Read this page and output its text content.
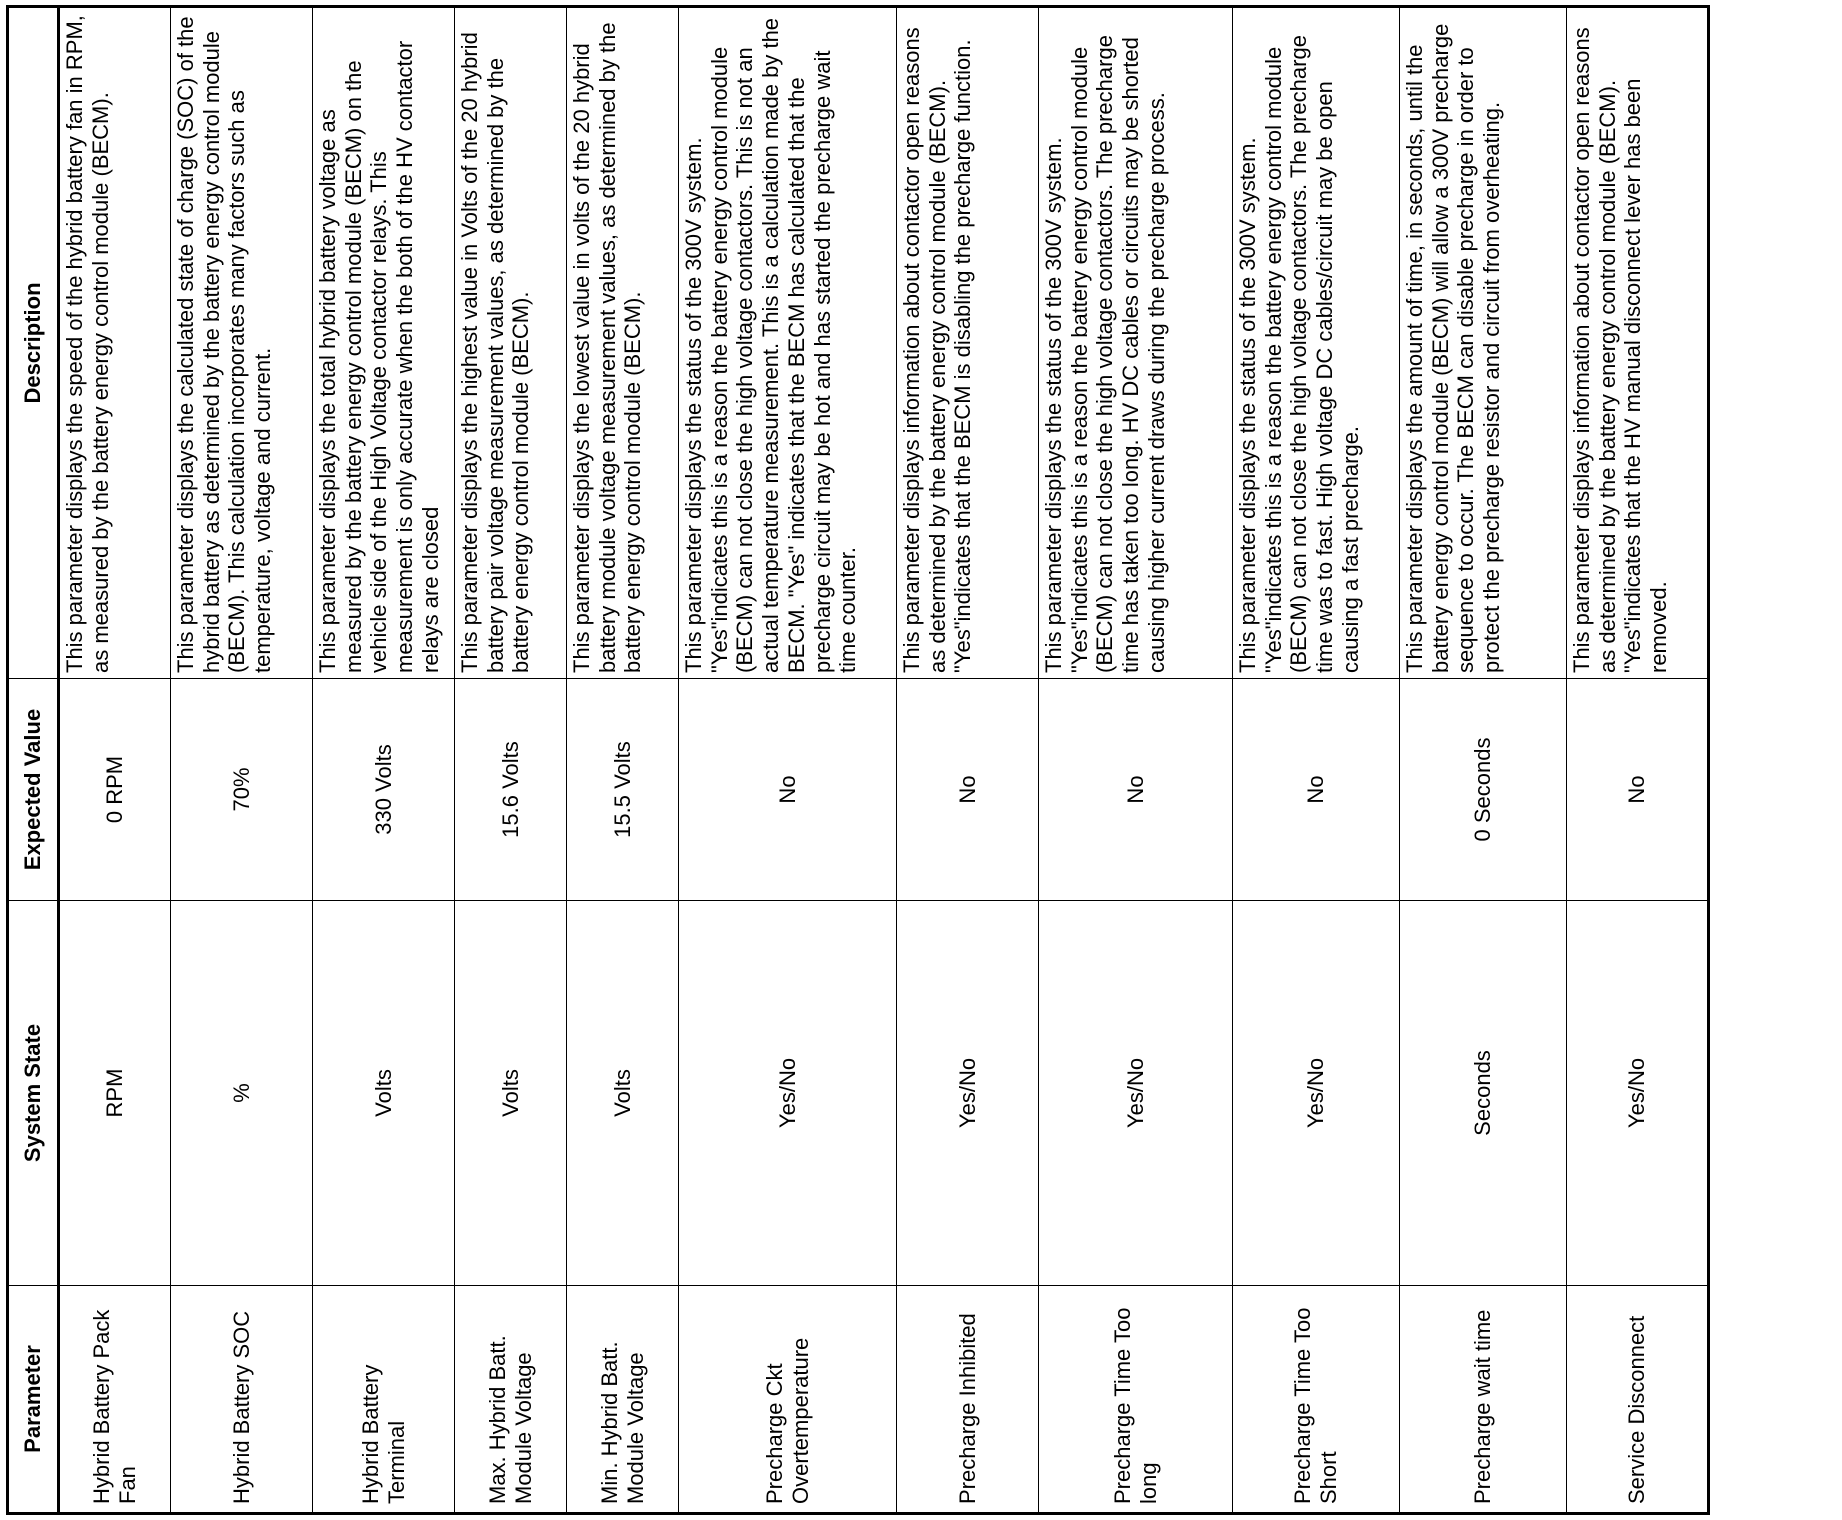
Parameter	System State	Expected Value	Description

Hybrid Battery Pack Fan	RPM	0 RPM	This parameter displays the speed of the hybrid battery fan in RPM, as measured by the battery energy control module (BECM).

Hybrid Battery SOC	%	70%	This parameter displays the calculated state of charge (SOC) of the hybrid battery as determined by the battery energy control module (BECM). This calculation incorporates many factors such as temperature, voltage and current.

Hybrid Battery Terminal	Volts	330 Volts	This parameter displays the total hybrid battery voltage as measured by the battery energy control module (BECM) on the vehicle side of the High Voltage contactor relays. This measurement is only accurate when the both of the HV contactor relays are closed

Max. Hybrid Batt. Module Voltage	Volts	15.6 Volts	This parameter displays the highest value in Volts of the 20 hybrid battery pair voltage measurement values, as determined by the battery energy control module (BECM).

Min. Hybrid Batt. Module Voltage	Volts	15.5 Volts	This parameter displays the lowest value in volts of the 20 hybrid battery module voltage measurement values, as determined by the battery energy control module (BECM).

Precharge Ckt Overtemperature	Yes/No	No	This parameter displays the status of the 300V system. "Yes"indicates this is a reason the battery energy control module (BECM) can not close the high voltage contactors. This is not an actual temperature measurement. This is a calculation made by the BECM. "Yes" indicates that the BECM has calculated that the precharge circuit may be hot and has started the precharge wait time counter.

Precharge Inhibited	Yes/No	No	This parameter displays information about contactor open reasons as determined by the battery energy control module (BECM). "Yes"indicates that the BECM is disabling the precharge function.

Precharge Time Too long	Yes/No	No	This parameter displays the status of the 300V system. "Yes"indicates this is a reason the battery energy control module (BECM) can not close the high voltage contactors. The precharge time has taken too long. HV DC cables or circuits may be shorted causing higher current draws during the precharge process.

Precharge Time Too Short	Yes/No	No	This parameter displays the status of the 300V system. "Yes"indicates this is a reason the battery energy control module (BECM) can not close the high voltage contactors. The precharge time was to fast. High voltage DC cables/circuit may be open causing a fast precharge.

Precharge wait time	Seconds	0 Seconds	This parameter displays the amount of time, in seconds, until the battery energy control module (BECM) will allow a 300V precharge sequence to occur. The BECM can disable precharge in order to protect the precharge resistor and circuit from overheating.

Service Disconnect	Yes/No	No	This parameter displays information about contactor open reasons as determined by the battery energy control module (BECM). "Yes"indicates that the HV manual disconnect lever has been removed.
